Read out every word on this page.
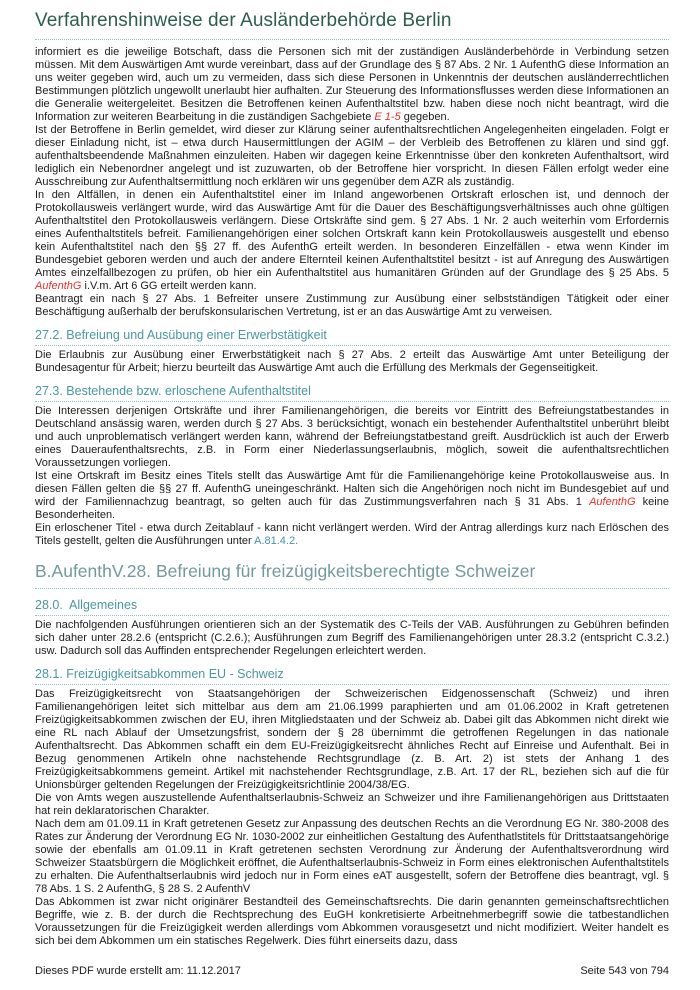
Verfahrenshinweise der Ausländerbehörde Berlin

informiert es die jeweilige Botschaft, dass die Personen sich mit der zuständigen Ausländerbehörde in Verbindung setzen müssen. Mit dem Auswärtigen Amt wurde vereinbart, dass auf der Grundlage des § 87 Abs. 2 Nr. 1 AufenthG diese Information an uns weiter gegeben wird, auch um zu vermeiden, dass sich diese Personen in Unkenntnis der deutschen ausländerrechtlichen Bestimmungen plötzlich ungewollt unerlaubt hier aufhalten. Zur Steuerung des Informationsflusses werden diese Informationen an die Generalie weitergeleitet. Besitzen die Betroffenen keinen Aufenthaltstitel bzw. haben diese noch nicht beantragt, wird die Information zur weiteren Bearbeitung in die zuständigen Sachgebiete E 1-5 gegeben.

Ist der Betroffene in Berlin gemeldet, wird dieser zur Klärung seiner aufenthaltsrechtlichen Angelegenheiten eingeladen. Folgt er dieser Einladung nicht, ist – etwa durch Hausermittlungen der AGIM – der Verbleib des Betroffenen zu klären und sind ggf. aufenthaltsbeendende Maßnahmen einzuleiten. Haben wir dagegen keine Erkenntnisse über den konkreten Aufenthaltsort, wird lediglich ein Nebenordner angelegt und ist zuzuwarten, ob der Betroffene hier vorspricht. In diesen Fällen erfolgt weder eine Ausschreibung zur Aufenthaltsermittlung noch erklären wir uns gegenüber dem AZR als zuständig.

In den Altfällen, in denen ein Aufenthaltstitel einer im Inland angeworbenen Ortskraft erloschen ist, und dennoch der Protokollausweis verlängert wurde, wird das Auswärtige Amt für die Dauer des Beschäftigungsverhältnisses auch ohne gültigen Aufenthaltstitel den Protokollausweis verlängern. Diese Ortskräfte sind gem. § 27 Abs. 1 Nr. 2 auch weiterhin vom Erfordernis eines Aufenthaltstitels befreit. Familienangehörigen einer solchen Ortskraft kann kein Protokollausweis ausgestellt und ebenso kein Aufenthaltstitel nach den §§ 27 ff. des AufenthG erteilt werden. In besonderen Einzelfällen - etwa wenn Kinder im Bundesgebiet geboren werden und auch der andere Elternteil keinen Aufenthaltstitel besitzt - ist auf Anregung des Auswärtigen Amtes einzelfallbezogen zu prüfen, ob hier ein Aufenthaltstitel aus humanitären Gründen auf der Grundlage des § 25 Abs. 5 AufenthG i.V.m. Art 6 GG erteilt werden kann.

Beantragt ein nach § 27 Abs. 1 Befreiter unsere Zustimmung zur Ausübung einer selbstständigen Tätigkeit oder einer Beschäftigung außerhalb der berufskonsularischen Vertretung, ist er an das Auswärtige Amt zu verweisen.

27.2. Befreiung und Ausübung einer Erwerbstätigkeit

Die Erlaubnis zur Ausübung einer Erwerbstätigkeit nach § 27 Abs. 2 erteilt das Auswärtige Amt unter Beteiligung der Bundesagentur für Arbeit; hierzu beurteilt das Auswärtige Amt auch die Erfüllung des Merkmals der Gegenseitigkeit.

27.3. Bestehende bzw. erloschene Aufenthaltstitel

Die Interessen derjenigen Ortskräfte und ihrer Familienangehörigen, die bereits vor Eintritt des Befreiungstatbestandes in Deutschland ansässig waren, werden durch § 27 Abs. 3 berücksichtigt, wonach ein bestehender Aufenthaltstitel unberührt bleibt und auch unproblematisch verlängert werden kann, während der Befreiungstatbestand greift. Ausdrücklich ist auch der Erwerb eines Daueraufenthaltsrechts, z.B. in Form einer Niederlassungserlaubnis, möglich, soweit die aufenthaltsrechtlichen Voraussetzungen vorliegen.

Ist eine Ortskraft im Besitz eines Titels stellt das Auswärtige Amt für die Familienangehörige keine Protokollausweise aus. In diesen Fällen gelten die §§ 27 ff. AufenthG uneingeschränkt. Halten sich die Angehörigen noch nicht im Bundesgebiet auf und wird der Familiennachzug beantragt, so gelten auch für das Zustimmungsverfahren nach § 31 Abs. 1 AufenthG keine Besonderheiten.

Ein erloschener Titel - etwa durch Zeitablauf - kann nicht verlängert werden. Wird der Antrag allerdings kurz nach Erlöschen des Titels gestellt, gelten die Ausführungen unter A.81.4.2.

B.AufenthV.28. Befreiung für freizügigkeitsberechtigte Schweizer
28.0.  Allgemeines

Die nachfolgenden Ausführungen orientieren sich an der Systematik des C-Teils der VAB. Ausführungen zu Gebühren befinden sich daher unter 28.2.6 (entspricht (C.2.6.); Ausführungen zum Begriff des Familienangehörigen unter 28.3.2 (entspricht C.3.2.) usw. Dadurch soll das Auffinden entsprechender Regelungen erleichtert werden.

28.1. Freizügigkeitsabkommen EU - Schweiz

Das Freizügigkeitsrecht von Staatsangehörigen der Schweizerischen Eidgenossenschaft (Schweiz) und ihren Familienangehörigen leitet sich mittelbar aus dem am 21.06.1999 paraphierten und am 01.06.2002 in Kraft getretenen Freizügigkeitsabkommen zwischen der EU, ihren Mitgliedstaaten und der Schweiz ab. Dabei gilt das Abkommen nicht direkt wie eine RL nach Ablauf der Umsetzungsfrist, sondern der § 28 übernimmt die getroffenen Regelungen in das nationale Aufenthaltsrecht. Das Abkommen schafft ein dem EU-Freizügigkeitsrecht ähnliches Recht auf Einreise und Aufenthalt. Bei in Bezug genommenen Artikeln ohne nachstehende Rechtsgrundlage (z. B. Art. 2) ist stets der Anhang 1 des Freizügigkeitsabkommens gemeint. Artikel mit nachstehender Rechtsgrundlage, z.B. Art. 17 der RL, beziehen sich auf die für Unionsbürger geltenden Regelungen der Freizügigkeitsrichtlinie 2004/38/EG.

Die von Amts wegen auszustellende Aufenthaltserlaubnis-Schweiz an Schweizer und ihre Familienangehörigen aus Drittstaaten hat rein deklaratorischen Charakter.

Nach dem am 01.09.11 in Kraft getretenen Gesetz zur Anpassung des deutschen Rechts an die Verordnung EG Nr. 380-2008 des Rates zur Änderung der Verordnung EG Nr. 1030-2002 zur einheitlichen Gestaltung des Aufenthatlstitels für Drittstaatsangehörige sowie der ebenfalls am 01.09.11 in Kraft getretenen sechsten Verordnung zur Änderung der Aufenthaltsverordnung wird Schweizer Staatsbürgern die Möglichkeit eröffnet, die Aufenthaltserlaubnis-Schweiz in Form eines elektronischen Aufenthaltstitels zu erhalten. Die Aufenthaltserlaubnis wird jedoch nur in Form eines eAT ausgestellt, sofern der Betroffene dies beantragt, vgl. § 78 Abs. 1 S. 2 AufenthG, § 28 S. 2 AufenthV

Das Abkommen ist zwar nicht originärer Bestandteil des Gemeinschaftsrechts. Die darin genannten gemeinschaftsrechtlichen Begriffe, wie z. B. der durch die Rechtsprechung des EuGH konkretisierte Arbeitnehmerbegriff sowie die tatbestandlichen Voraussetzungen für die Freizügigkeit werden allerdings vom Abkommen vorausgesetzt und nicht modifiziert. Weiter handelt es sich bei dem Abkommen um ein statisches Regelwerk. Dies führt einerseits dazu, dass

Dieses PDF wurde erstellt am: 11.12.2017	Seite 543 von 794
